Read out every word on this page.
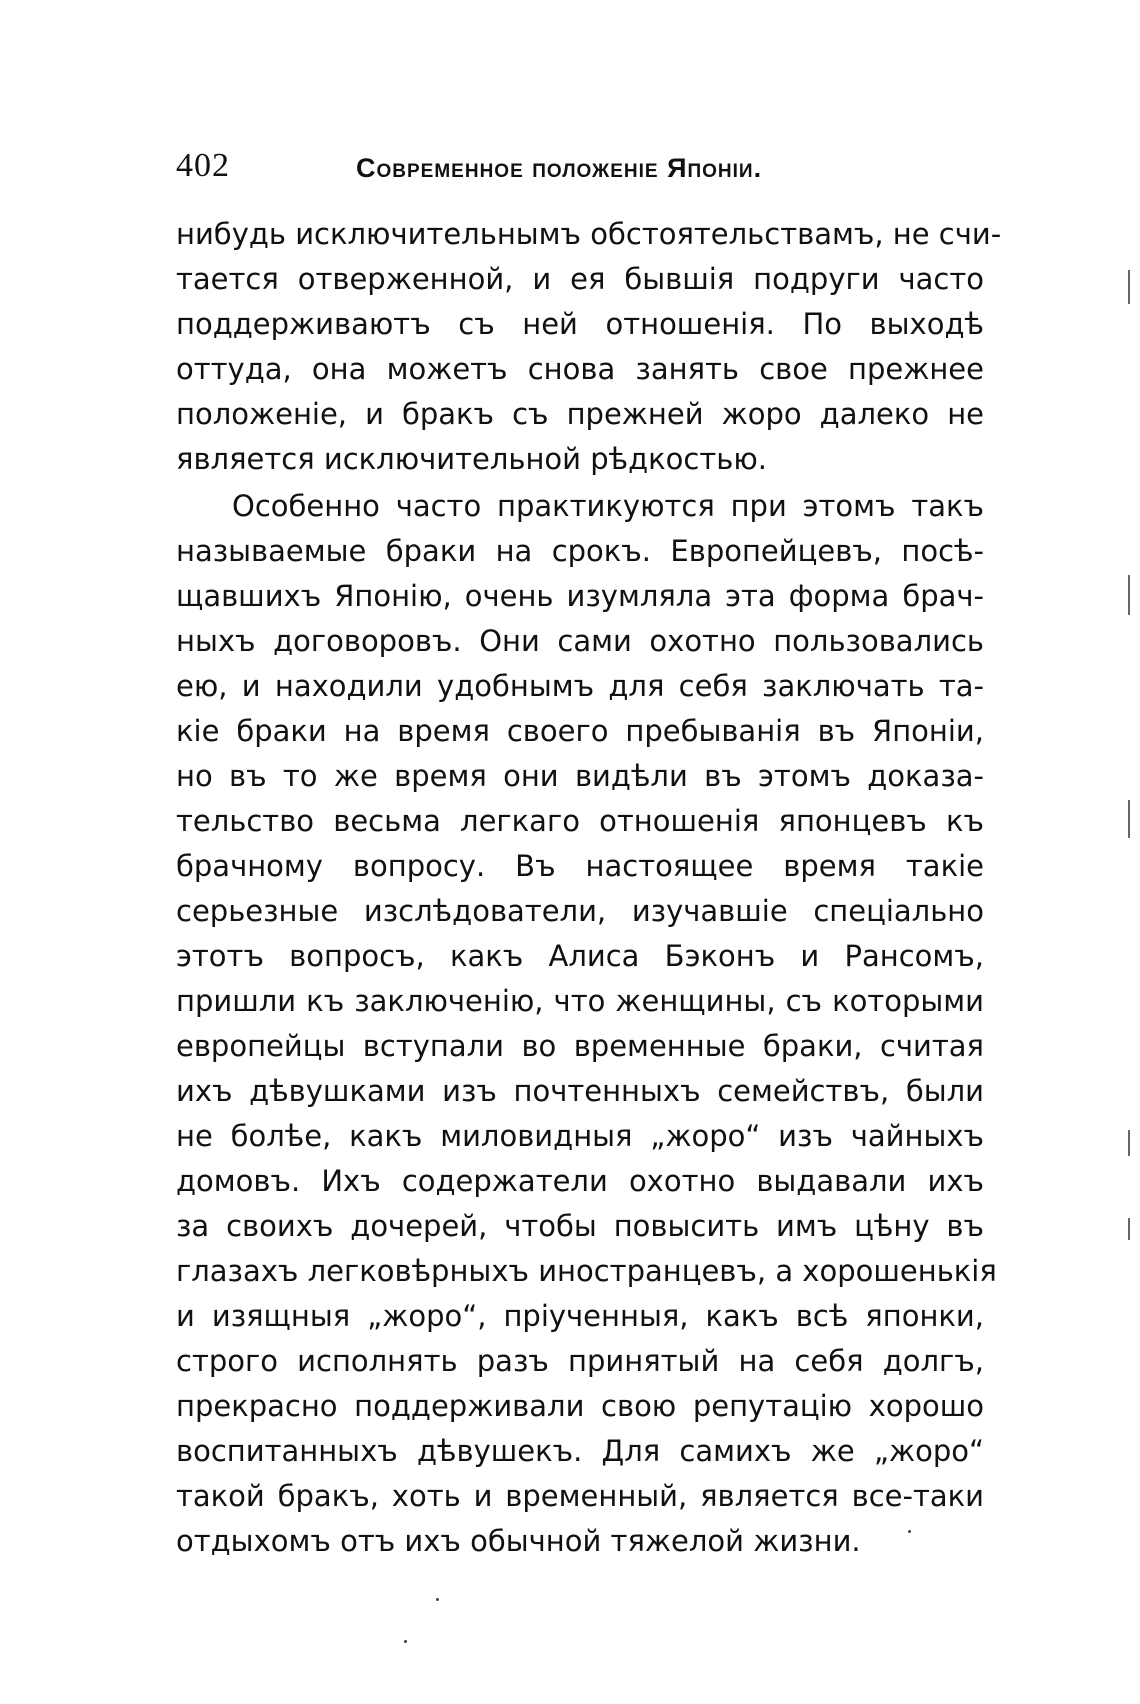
402	Современное положеніе Японіи.
нибудь исключительнымъ обстоятельствамъ, не счи-
тается отверженной, и ея бывшія подруги часто
поддерживаютъ съ ней отношенія. По выходѣ
оттуда, она можетъ снова занять свое прежнее
положеніе, и бракъ съ прежней жоро далеко не
является исключительной рѣдкостью.
Особенно часто практикуются при этомъ такъ
называемые браки на срокъ. Европейцевъ, посѣ-
щавшихъ Японію, очень изумляла эта форма брач-
ныхъ договоровъ. Они сами охотно пользовались
ею, и находили удобнымъ для себя заключать та-
кіе браки на время своего пребыванія въ Японіи,
но въ то же время они видѣли въ этомъ доказа-
тельство весьма легкаго отношенія японцевъ къ
брачному вопросу. Въ настоящее время такіе
серьезные изслѣдователи, изучавшіе спеціально
этотъ вопросъ, какъ Алиса Бэконъ и Рансомъ,
пришли къ заключенію, что женщины, съ которыми
европейцы вступали во временные браки, считая
ихъ дѣвушками изъ почтенныхъ семействъ, были
не болѣе, какъ миловидныя „жоро“ изъ чайныхъ
домовъ. Ихъ содержатели охотно выдавали ихъ
за своихъ дочерей, чтобы повысить имъ цѣну въ
глазахъ легковѣрныхъ иностранцевъ, а хорошенькія
и изящныя „жоро“, пріученныя, какъ всѣ японки,
строго исполнять разъ принятый на себя долгъ,
прекрасно поддерживали свою репутацію хорошо
воспитанныхъ дѣвушекъ. Для самихъ же „жоро“
такой бракъ, хоть и временный, является все-таки
отдыхомъ отъ ихъ обычной тяжелой жизни.
